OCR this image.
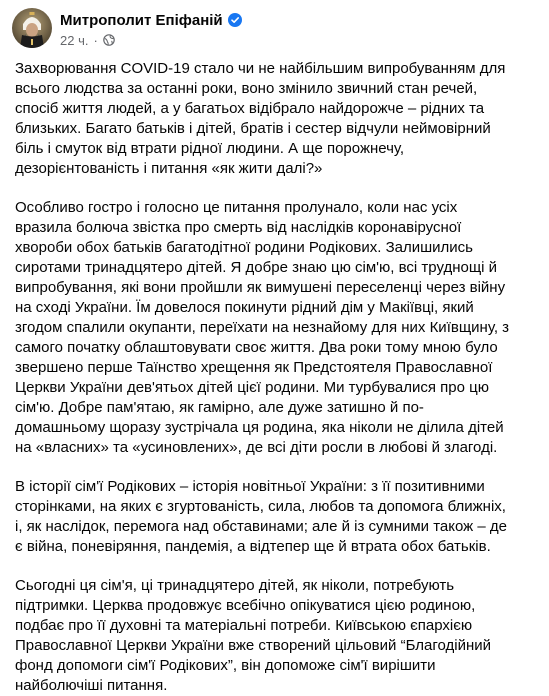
Митрополит Епіфаній
22 ч. ·

Захворювання COVID-19 стало чи не найбільшим випробуванням для
всього людства за останні роки, воно змінило звичний стан речей,
спосіб життя людей, а у багатьох відібрало найдорожче – рідних та
близьких. Багато батьків і дітей, братів і сестер відчули неймовірний
біль і смуток від втрати рідної людини. А ще порожнечу,
дезорієнтованість і питання «як жити далі?»

Особливо гостро і голосно це питання пролунало, коли нас усіх
вразила болюча звістка про смерть від наслідків коронавірусної
хвороби обох батьків багатодітної родини Родікових. Залишились
сиротами тринадцятеро дітей. Я добре знаю цю сім'ю, всі труднощі й
випробування, які вони пройшли як вимушені переселенці через війну
на сході України. Їм довелося покинути рідний дім у Макіївці, який
згодом спалили окупанти, переїхати на незнайому для них Київщину, з
самого початку облаштовувати своє життя. Два роки тому мною було
звершено перше Таїнство хрещення як Предстоятеля Православної
Церкви України дев'ятьох дітей цієї родини. Ми турбувалися про цю
сім'ю. Добре пам'ятаю, як гамірно, але дуже затишно й по-
домашньому щоразу зустрічала ця родина, яка ніколи не ділила дітей
на «власних» та «усиновлених», де всі діти росли в любові й злагоді.

В історії сім'ї Родікових – історія новітньої України: з її позитивними
сторінками, на яких є згуртованість, сила, любов та допомога ближніх,
і, як наслідок, перемога над обставинами; але й із сумними також – де
є війна, поневіряння, пандемія, а відтепер ще й втрата обох батьків.

Сьогодні ця сім'я, ці тринадцятеро дітей, як ніколи, потребують
підтримки. Церква продовжує всебічно опікуватися цією родиною,
подбає про її духовні та матеріальні потреби. Київською єпархією
Православної Церкви України вже створений цільовий “Благодійний
фонд допомоги сім'ї Родікових”, він допоможе сім'ї вирішити
найболючіші питання.
